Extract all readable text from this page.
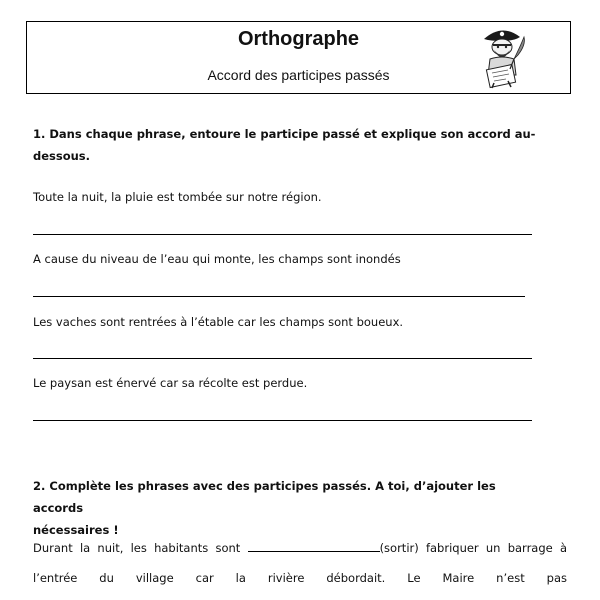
Orthographe
Accord des participes passés
1. Dans chaque phrase, entoure le participe passé et explique son accord au-
dessous.
Toute la nuit, la pluie est tombée sur notre région.
A cause du niveau de l’eau qui monte, les champs sont inondés
Les vaches sont rentrées à l’étable car les champs sont boueux.
Le paysan est énervé car sa récolte est perdue.
2. Complète les phrases avec des participes passés. A toi, d’ajouter les accords
nécessaires !
Durant la nuit, les habitants sont	(sortir) fabriquer un barrage à
l’entrée du village car la rivière débordait. Le Maire n’est pas
